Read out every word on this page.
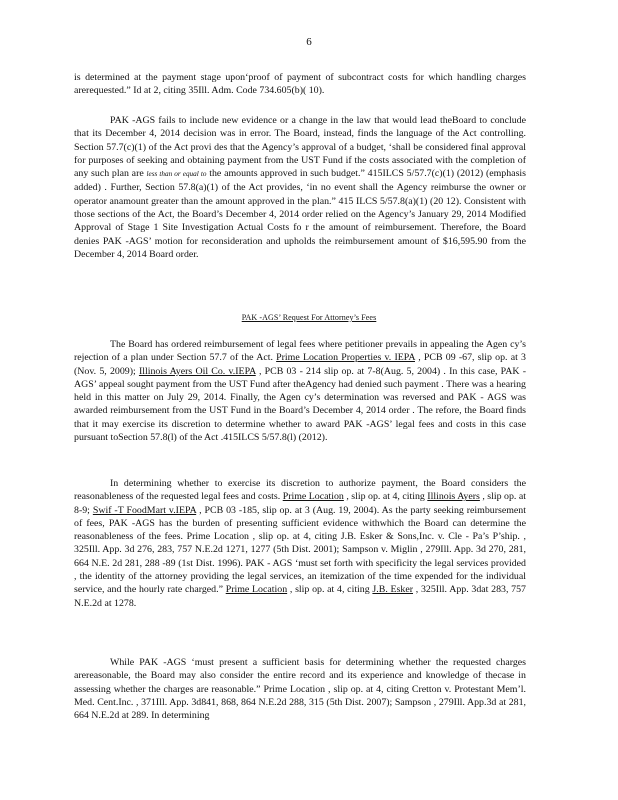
6

is determined at the payment stage upon‘proof of payment of subcontract costs for which handling charges arerequested.” Id at 2, citing 35Ill. Adm. Code 734.605(b)( 10).

PAK -AGS fails to include new evidence or a change in the law that would lead theBoard to conclude that its December 4, 2014 decision was in error. The Board, instead, finds the language of the Act controlling. Section 57.7(c)(1) of the Act provi des that the Agency’s approval of a budget, ‘shall be considered final approval for purposes of seeking and obtaining payment from the UST Fund if the costs associated with the completion of any such plan are less than or equal to the amounts approved in such budget.” 415ILCS 5/57.7(c)(1) (2012) (emphasis added) . Further, Section 57.8(a)(1) of the Act provides, ‘in no event shall the Agency reimburse the owner or operator anamount greater than the amount approved in the plan.” 415 ILCS 5/57.8(a)(1) (20 12). Consistent with those sections of the Act, the Board’s December 4, 2014 order relied on the Agency’s January 29, 2014 Modified Approval of Stage 1 Site Investigation Actual Costs fo r the amount of reimbursement. Therefore, the Board denies PAK -AGS’ motion for reconsideration and upholds the reimbursement amount of $16,595.90 from the December 4, 2014 Board order.

PAK -AGS’ Request For Attorney’s Fees

The Board has ordered reimbursement of legal fees where petitioner prevails in appealing the Agen cy’s rejection of a plan under Section 57.7 of the Act. Prime Location Properties v. IEPA , PCB 09 -67, slip op. at 3 (Nov. 5, 2009); Illinois Ayers Oil Co. v.IEPA , PCB 03 - 214 slip op. at 7-8(Aug. 5, 2004) . In this case, PAK -AGS’ appeal sought payment from the UST Fund after theAgency had denied such payment . There was a hearing held in this matter on July 29, 2014. Finally, the Agen cy’s determination was reversed and PAK - AGS was awarded reimbursement from the UST Fund in the Board’s December 4, 2014 order . The refore, the Board finds that it may exercise its discretion to determine whether to award PAK -AGS’ legal fees and costs in this case pursuant toSection 57.8(l) of the Act .415ILCS 5/57.8(l) (2012).

In determining whether to exercise its discretion to authorize payment, the Board considers the reasonableness of the requested legal fees and costs. Prime Location , slip op. at 4, citing Illinois Ayers , slip op. at 8-9; Swif -T FoodMart v.IEPA , PCB 03 -185, slip op. at 3 (Aug. 19, 2004). As the party seeking reimbursement of fees, PAK -AGS has the burden of presenting sufficient evidence withwhich the Board can determine the reasonableness of the fees. Prime Location , slip op. at 4, citing J.B. Esker & Sons,Inc. v. Cle - Pa’s P’ship. , 325Ill. App. 3d 276, 283, 757 N.E.2d 1271, 1277 (5th Dist. 2001); Sampson v. Miglin , 279Ill. App. 3d 270, 281, 664 N.E. 2d 281, 288 -89 (1st Dist. 1996). PAK - AGS ‘must set forth with specificity the legal services provided , the identity of the attorney providing the legal services, an itemization of the time expended for the individual service, and the hourly rate charged.” Prime Location , slip op. at 4, citing J.B. Esker , 325Ill. App. 3dat 283, 757 N.E.2d at 1278.

While PAK -AGS ‘must present a sufficient basis for determining whether the requested charges arereasonable, the Board may also consider the entire record and its experience and knowledge of thecase in assessing whether the charges are reasonable.” Prime Location , slip op. at 4, citing Cretton v. Protestant Mem’l. Med. Cent.Inc. , 371Ill. App. 3d841, 868, 864 N.E.2d 288, 315 (5th Dist. 2007); Sampson , 279Ill. App.3d at 281, 664 N.E.2d at 289. In determining
